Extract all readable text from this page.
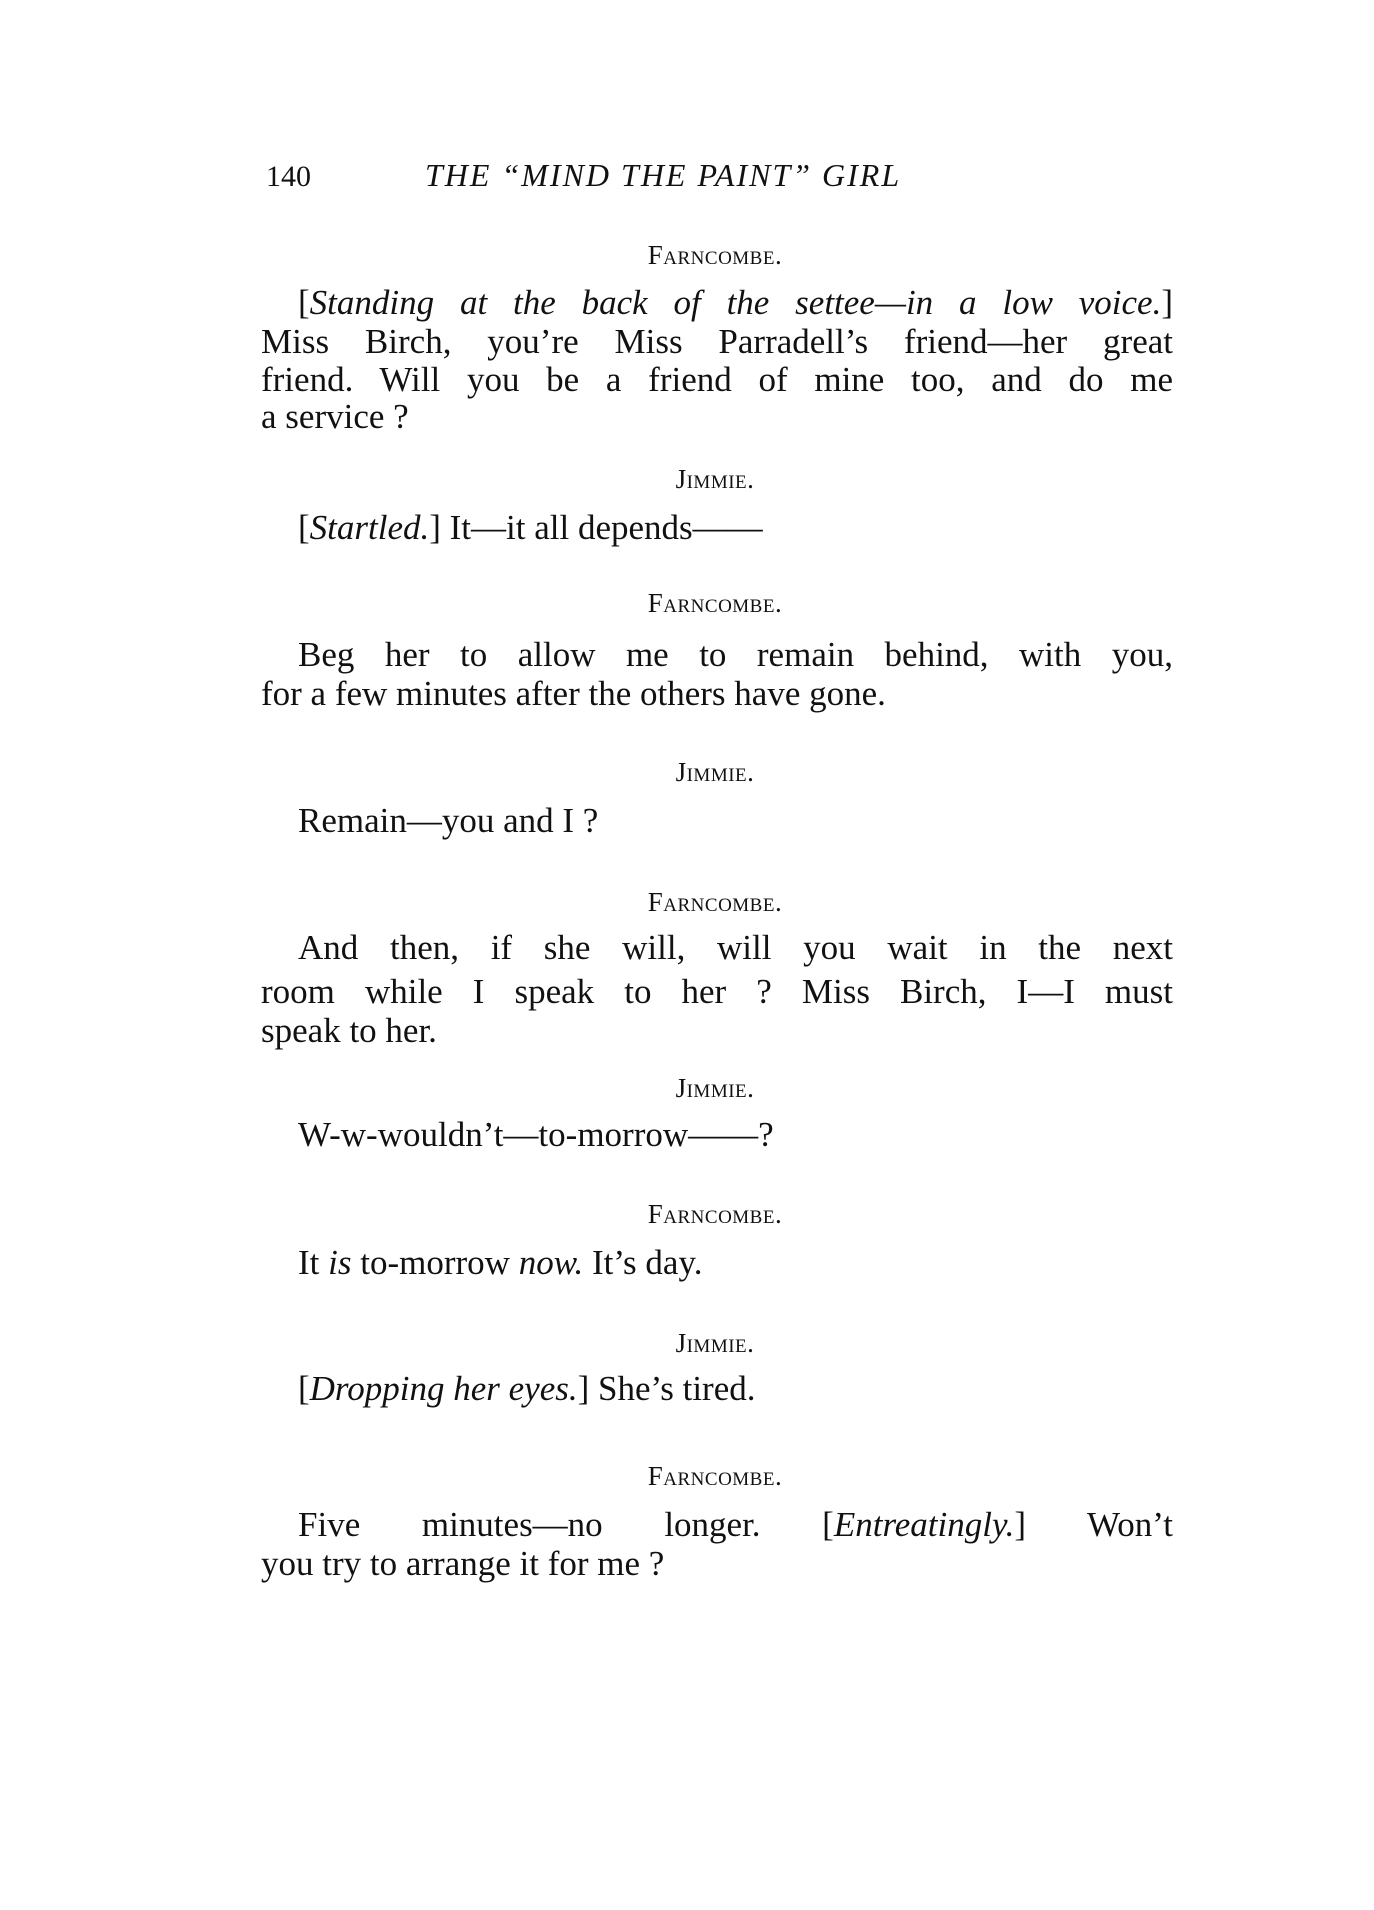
140	THE “MIND THE PAINT” GIRL
Farncombe.
[Standing at the back of the settee—in a low voice.]
Miss Birch, you’re Miss Parradell’s friend—her great
friend. Will you be a friend of mine too, and do me
a service ?
Jimmie.
[Startled.] It—it all depends——
Farncombe.
Beg her to allow me to remain behind, with you,
for a few minutes after the others have gone.
Jimmie.
Remain—you and I ?
Farncombe.
And then, if she will, will you wait in the next
room while I speak to her ? Miss Birch, I—I must
speak to her.
Jimmie.
W-w-wouldn’t—to-morrow——?
Farncombe.
It is to-morrow now. It’s day.
Jimmie.
[Dropping her eyes.] She’s tired.
Farncombe.
Five minutes—no longer. [Entreatingly.] Won’t
you try to arrange it for me ?
